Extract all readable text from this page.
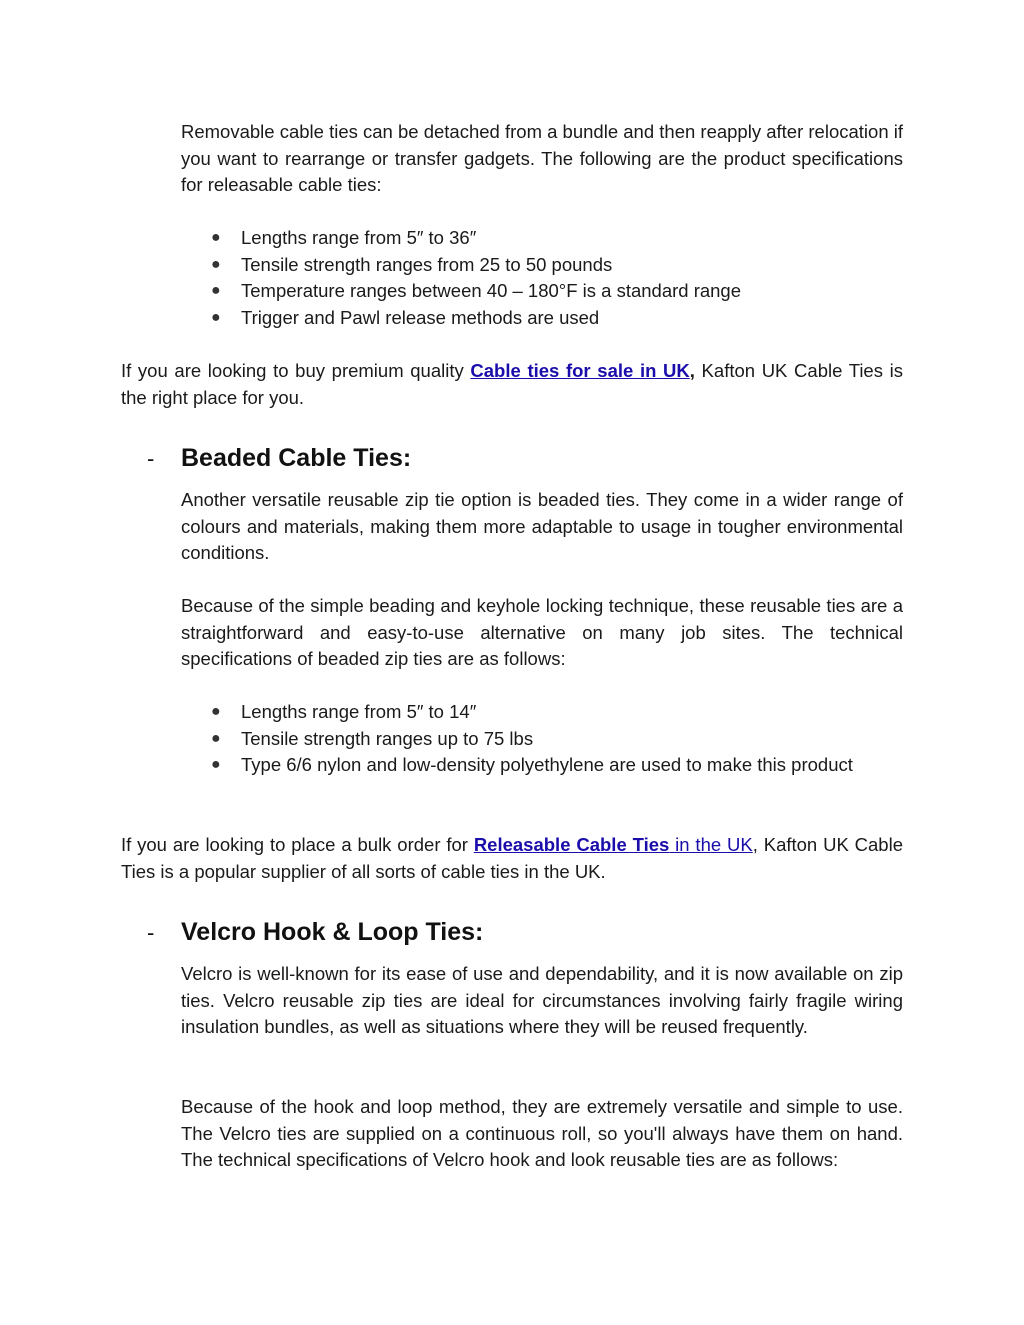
Removable cable ties can be detached from a bundle and then reapply after relocation if you want to rearrange or transfer gadgets. The following are the product specifications for releasable cable ties:

● Lengths range from 5″ to 36″
● Tensile strength ranges from 25 to 50 pounds
● Temperature ranges between 40 – 180°F is a standard range
● Trigger and Pawl release methods are used

If you are looking to buy premium quality Cable ties for sale in UK, Kafton UK Cable Ties is the right place for you.

- Beaded Cable Ties:

Another versatile reusable zip tie option is beaded ties. They come in a wider range of colours and materials, making them more adaptable to usage in tougher environmental conditions.

Because of the simple beading and keyhole locking technique, these reusable ties are a straightforward and easy-to-use alternative on many job sites. The technical specifications of beaded zip ties are as follows:

● Lengths range from 5″ to 14″
● Tensile strength ranges up to 75 lbs
● Type 6/6 nylon and low-density polyethylene are used to make this product

If you are looking to place a bulk order for Releasable Cable Ties in the UK, Kafton UK Cable Ties is a popular supplier of all sorts of cable ties in the UK.

- Velcro Hook & Loop Ties:

Velcro is well-known for its ease of use and dependability, and it is now available on zip ties. Velcro reusable zip ties are ideal for circumstances involving fairly fragile wiring insulation bundles, as well as situations where they will be reused frequently.

Because of the hook and loop method, they are extremely versatile and simple to use. The Velcro ties are supplied on a continuous roll, so you'll always have them on hand. The technical specifications of Velcro hook and look reusable ties are as follows:
